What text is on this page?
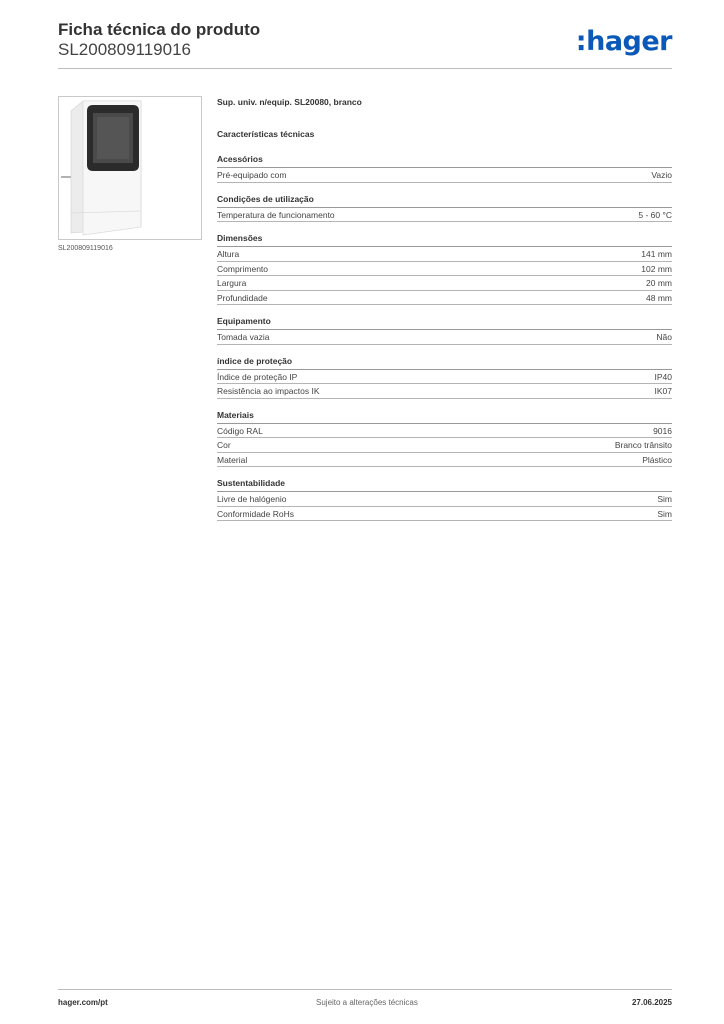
Ficha técnica do produto
SL200809119016	:hager
SL200809119016
Sup. univ. n/equip. SL20080, branco
Características técnicas
Acessórios
Pré-equipado com	Vazio
Condições de utilização
Temperatura de funcionamento	5 - 60 °C
Dimensões
Altura	141 mm
Comprimento	102 mm
Largura	20 mm
Profundidade	48 mm
Equipamento
Tomada vazia	Não
índice de proteção
Índice de proteção IP	IP40
Resistência ao impactos IK	IK07
Materiais
Código RAL	9016
Cor	Branco trânsito
Material	Plástico
Sustentabilidade
Livre de halógenio	Sim
Conformidade RoHs	Sim
hager.com/pt	Sujeito a alterações técnicas	27.06.2025
